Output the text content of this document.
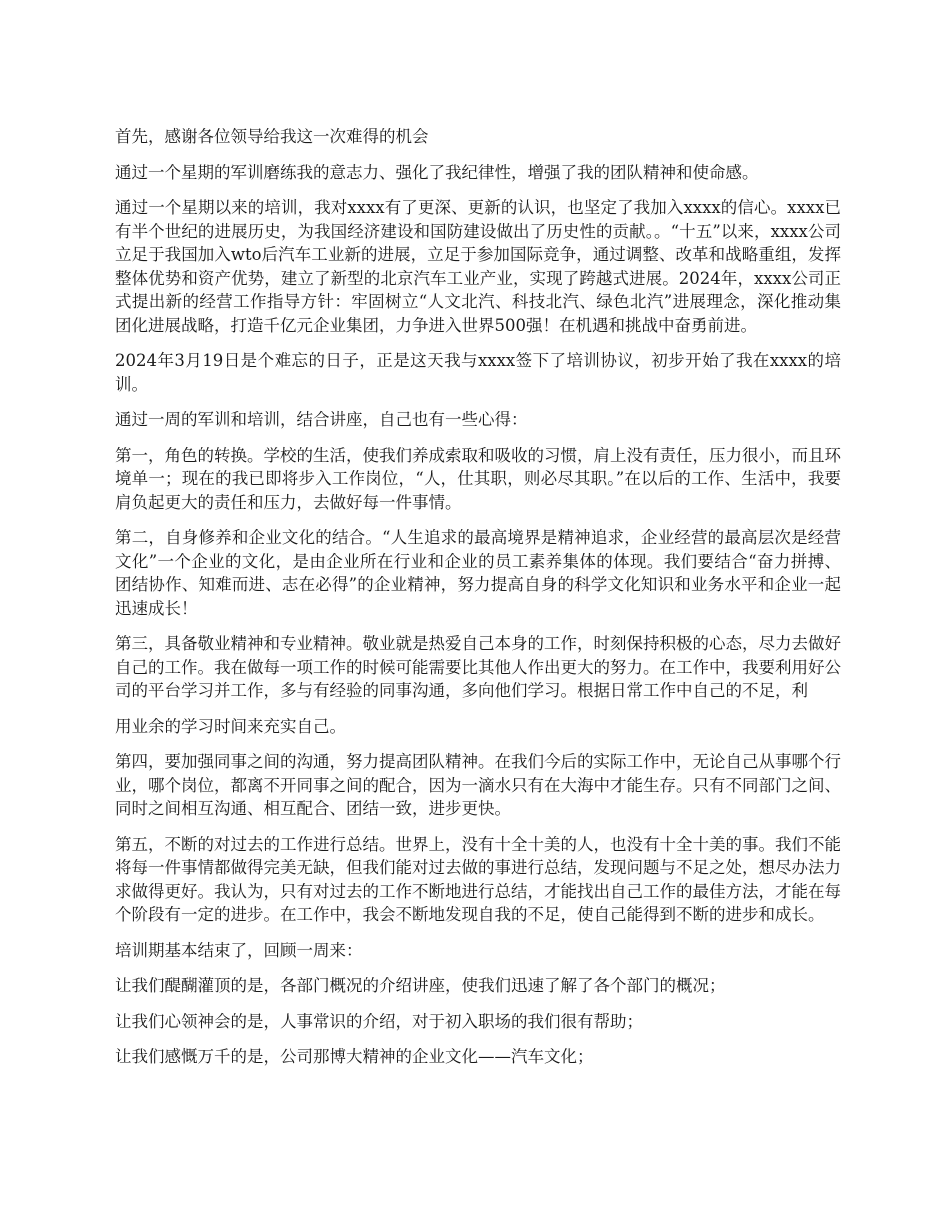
首先，感谢各位领导给我这一次难得的机会

通过一个星期的军训磨练我的意志力、强化了我纪律性，增强了我的团队精神和使命感。

通过一个星期以来的培训，我对xxxx有了更深、更新的认识，也坚定了我加入xxxx的信心。xxxx已有半个世纪的进展历史，为我国经济建设和国防建设做出了历史性的贡献。。“十五”以来，xxxx公司立足于我国加入wto后汽车工业新的进展，立足于参加国际竞争，通过调整、改革和战略重组，发挥整体优势和资产优势，建立了新型的北京汽车工业产业，实现了跨越式进展。2024年，xxxx公司正式提出新的经营工作指导方针：牢固树立“人文北汽、科技北汽、绿色北汽”进展理念，深化推动集团化进展战略，打造千亿元企业集团，力争进入世界500强！在机遇和挑战中奋勇前进。

2024年3月19日是个难忘的日子，正是这天我与xxxx签下了培训协议，初步开始了我在xxxx的培训。

通过一周的军训和培训，结合讲座，自己也有一些心得：

第一，角色的转换。学校的生活，使我们养成索取和吸收的习惯，肩上没有责任，压力很小，而且环境单一；现在的我已即将步入工作岗位，“人，仕其职，则必尽其职。”在以后的工作、生活中，我要肩负起更大的责任和压力，去做好每一件事情。

第二，自身修养和企业文化的结合。“人生追求的最高境界是精神追求，企业经营的最高层次是经营文化”一个企业的文化，是由企业所在行业和企业的员工素养集体的体现。我们要结合“奋力拼搏、团结协作、知难而进、志在必得”的企业精神，努力提高自身的科学文化知识和业务水平和企业一起迅速成长！

第三，具备敬业精神和专业精神。敬业就是热爱自己本身的工作，时刻保持积极的心态，尽力去做好自己的工作。我在做每一项工作的时候可能需要比其他人作出更大的努力。在工作中，我要利用好公司的平台学习并工作，多与有经验的同事沟通，多向他们学习。根据日常工作中自己的不足，利

用业余的学习时间来充实自己。

第四，要加强同事之间的沟通，努力提高团队精神。在我们今后的实际工作中，无论自己从事哪个行业，哪个岗位，都离不开同事之间的配合，因为一滴水只有在大海中才能生存。只有不同部门之间、同时之间相互沟通、相互配合、团结一致，进步更快。

第五，不断的对过去的工作进行总结。世界上，没有十全十美的人，也没有十全十美的事。我们不能将每一件事情都做得完美无缺，但我们能对过去做的事进行总结，发现问题与不足之处，想尽办法力求做得更好。我认为，只有对过去的工作不断地进行总结，才能找出自己工作的最佳方法，才能在每个阶段有一定的进步。在工作中，我会不断地发现自我的不足，使自己能得到不断的进步和成长。

培训期基本结束了，回顾一周来：

让我们醍醐灌顶的是，各部门概况的介绍讲座，使我们迅速了解了各个部门的概况；

让我们心领神会的是，人事常识的介绍，对于初入职场的我们很有帮助；

让我们感慨万千的是，公司那博大精神的企业文化——汽车文化；
